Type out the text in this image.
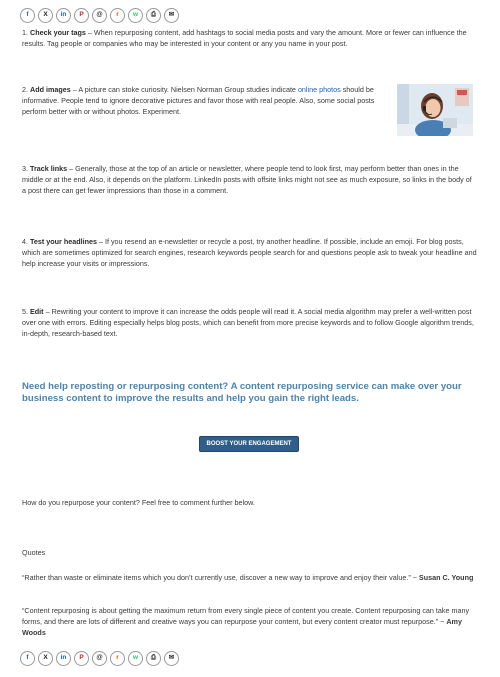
f	X	in	P	@	r	w	⎙	✉

1. Check your tags – When repurposing content, add hashtags to social media posts and vary the amount. More or fewer can influence the results. Tag people or companies who may be interested in your content or any you name in your post.

2. Add images – A picture can stoke curiosity. Nielsen Norman Group studies indicate online photos should be informative. People tend to ignore decorative pictures and favor those with real people. Also, some social posts perform better with or without photos. Experiment.

3. Track links – Generally, those at the top of an article or newsletter, where people tend to look first, may perform better than ones in the middle or at the end. Also, it depends on the platform. LinkedIn posts with offsite links might not see as much exposure, so links in the body of a post there can get fewer impressions than those in a comment.

4. Test your headlines – If you resend an e-newsletter or recycle a post, try another headline. If possible, include an emoji. For blog posts, which are sometimes optimized for search engines, research keywords people search for and questions people ask to tweak your headline and help increase your visits or impressions.

5. Edit – Rewriting your content to improve it can increase the odds people will read it. A social media algorithm may prefer a well-written post over one with errors. Editing especially helps blog posts, which can benefit from more precise keywords and to follow Google algorithm trends, in-depth, research-based text.

Need help reposting or repurposing content? A content repurposing service can make over your business content to improve the results and help you gain the right leads.

BOOST YOUR ENGAGEMENT

How do you repurpose your content? Feel free to comment further below.

Quotes

“Rather than waste or eliminate items which you don’t currently use, discover a new way to improve and enjoy their value.” ~ Susan C. Young

“Content repurposing is about getting the maximum return from every single piece of content you create. Content repurposing can take many forms, and there are lots of different and creative ways you can repurpose your content, but every content creator must repurpose.” ~ Amy Woods

f	X	in	P	@	r	w	⎙	✉
